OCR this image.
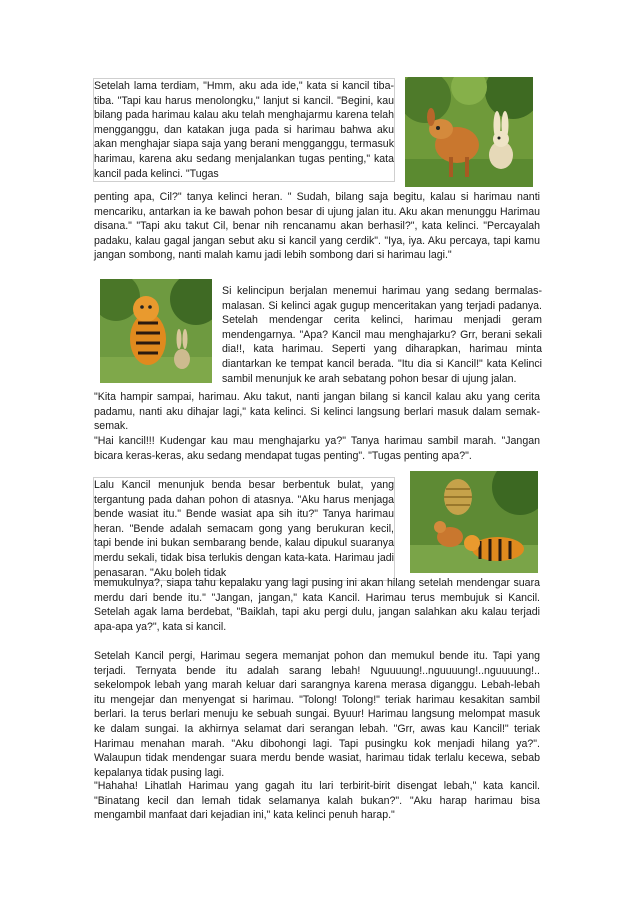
Setelah lama terdiam, "Hmm, aku ada ide," kata si kancil tiba-tiba. "Tapi kau harus menolongku," lanjut si kancil. "Begini, kau bilang pada harimau kalau aku telah menghajarmu karena telah mengganggu, dan katakan juga pada si harimau bahwa aku akan menghajar siapa saja yang berani mengganggu, termasuk harimau, karena aku sedang menjalankan tugas penting," kata kancil pada kelinci. "Tugas

penting apa, Cil?" tanya kelinci heran. " Sudah, bilang saja begitu, kalau si harimau nanti mencariku, antarkan ia ke bawah pohon besar di ujung jalan itu. Aku akan menunggu Harimau disana." "Tapi aku takut Cil, benar nih rencanamu akan berhasil?", kata kelinci. "Percayalah padaku, kalau gagal jangan sebut aku si kancil yang cerdik". "Iya, iya. Aku percaya, tapi kamu jangan sombong, nanti malah kamu jadi lebih sombong dari si harimau lagi."

Si kelincipun berjalan menemui harimau yang sedang bermalas-malasan. Si kelinci agak gugup menceritakan yang terjadi padanya. Setelah mendengar cerita kelinci, harimau menjadi geram mendengarnya. "Apa? Kancil mau menghajarku? Grr, berani sekali dia!!, kata harimau. Seperti yang diharapkan, harimau minta diantarkan ke tempat kancil berada. "Itu dia si Kancil!" kata Kelinci sambil menunjuk ke arah sebatang pohon besar di ujung jalan.

"Kita hampir sampai, harimau. Aku takut, nanti jangan bilang si kancil kalau aku yang cerita padamu, nanti aku dihajar lagi," kata kelinci. Si kelinci langsung berlari masuk dalam semak-semak.

"Hai kancil!!! Kudengar kau mau menghajarku ya?" Tanya harimau sambil marah. "Jangan bicara keras-keras, aku sedang mendapat tugas penting". "Tugas penting apa?".

Lalu Kancil menunjuk benda besar berbentuk bulat, yang tergantung pada dahan pohon di atasnya. "Aku harus menjaga bende wasiat itu." Bende wasiat apa sih itu?" Tanya harimau heran. "Bende adalah semacam gong yang berukuran kecil, tapi bende ini bukan sembarang bende, kalau dipukul suaranya merdu sekali, tidak bisa terlukis dengan kata-kata. Harimau jadi penasaran. "Aku boleh tidak

memukulnya?, siapa tahu kepalaku yang lagi pusing ini akan hilang setelah mendengar suara merdu dari bende itu." "Jangan, jangan," kata Kancil. Harimau terus membujuk si Kancil. Setelah agak lama berdebat, "Baiklah, tapi aku pergi dulu, jangan salahkan aku kalau terjadi apa-apa ya?", kata si kancil.

Setelah Kancil pergi, Harimau segera memanjat pohon dan memukul bende itu. Tapi yang terjadi. Ternyata bende itu adalah sarang lebah! Nguuuung!..nguuuung!..nguuuung!.. sekelompok lebah yang marah keluar dari sarangnya karena merasa diganggu. Lebah-lebah itu mengejar dan menyengat si harimau. "Tolong! Tolong!" teriak harimau kesakitan sambil berlari. Ia terus berlari menuju ke sebuah sungai. Byuur! Harimau langsung melompat masuk ke dalam sungai. Ia akhirnya selamat dari serangan lebah. "Grr, awas kau Kancil!" teriak Harimau menahan marah. "Aku dibohongi lagi. Tapi pusingku kok menjadi hilang ya?". Walaupun tidak mendengar suara merdu bende wasiat, harimau tidak terlalu kecewa, sebab kepalanya tidak pusing lagi.

"Hahaha! Lihatlah Harimau yang gagah itu lari terbirit-birit disengat lebah," kata kancil. "Binatang kecil dan lemah tidak selamanya kalah bukan?". "Aku harap harimau bisa mengambil manfaat dari kejadian ini," kata kelinci penuh harap."
